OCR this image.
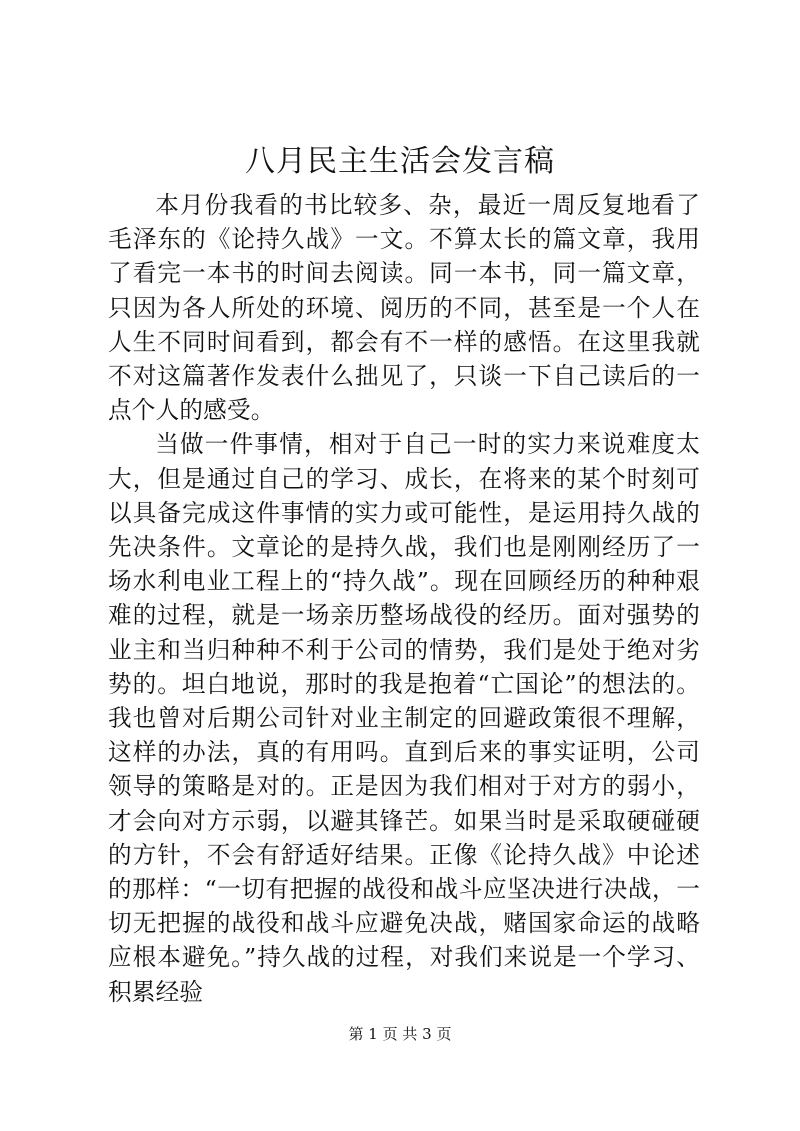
八月民主生活会发言稿

本月份我看的书比较多、杂，最近一周反复地看了毛泽东的《论持久战》一文。不算太长的篇文章，我用了看完一本书的时间去阅读。同一本书，同一篇文章，只因为各人所处的环境、阅历的不同，甚至是一个人在人生不同时间看到，都会有不一样的感悟。在这里我就不对这篇著作发表什么拙见了，只谈一下自己读后的一点个人的感受。

当做一件事情，相对于自己一时的实力来说难度太大，但是通过自己的学习、成长，在将来的某个时刻可以具备完成这件事情的实力或可能性，是运用持久战的先决条件。文章论的是持久战，我们也是刚刚经历了一场水利电业工程上的“持久战”。现在回顾经历的种种艰难的过程，就是一场亲历整场战役的经历。面对强势的业主和当归种种不利于公司的情势，我们是处于绝对劣势的。坦白地说，那时的我是抱着“亡国论”的想法的。我也曾对后期公司针对业主制定的回避政策很不理解，这样的办法，真的有用吗。直到后来的事实证明，公司领导的策略是对的。正是因为我们相对于对方的弱小，才会向对方示弱，以避其锋芒。如果当时是采取硬碰硬的方针，不会有舒适好结果。正像《论持久战》中论述的那样：“一切有把握的战役和战斗应坚决进行决战，一切无把握的战役和战斗应避免决战，赌国家命运的战略应根本避免。”持久战的过程，对我们来说是一个学习、积累经验

第 1 页 共 3 页
